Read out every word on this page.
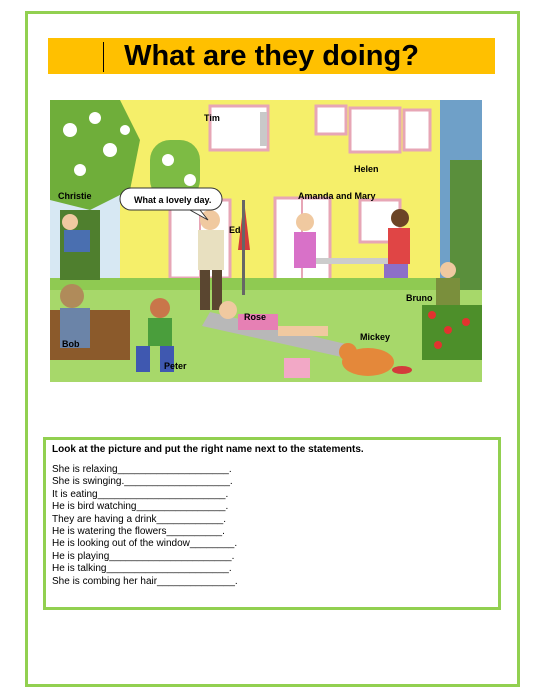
What are they doing?
What a lovely day.
Tim
Helen
Christie	Amanda and Mary
Ed
Bruno
Rose
Bob
Mickey
Peter

Look at the picture and put the right name next to the statements.

She is relaxing____________________.
She is swinging.___________________.
It is eating_______________________.
He is bird watching________________.
They are having a drink____________.
He is watering the flowers__________.
He is looking out of the window________.
He is playing______________________.
He is talking______________________.
She is combing her hair______________.
